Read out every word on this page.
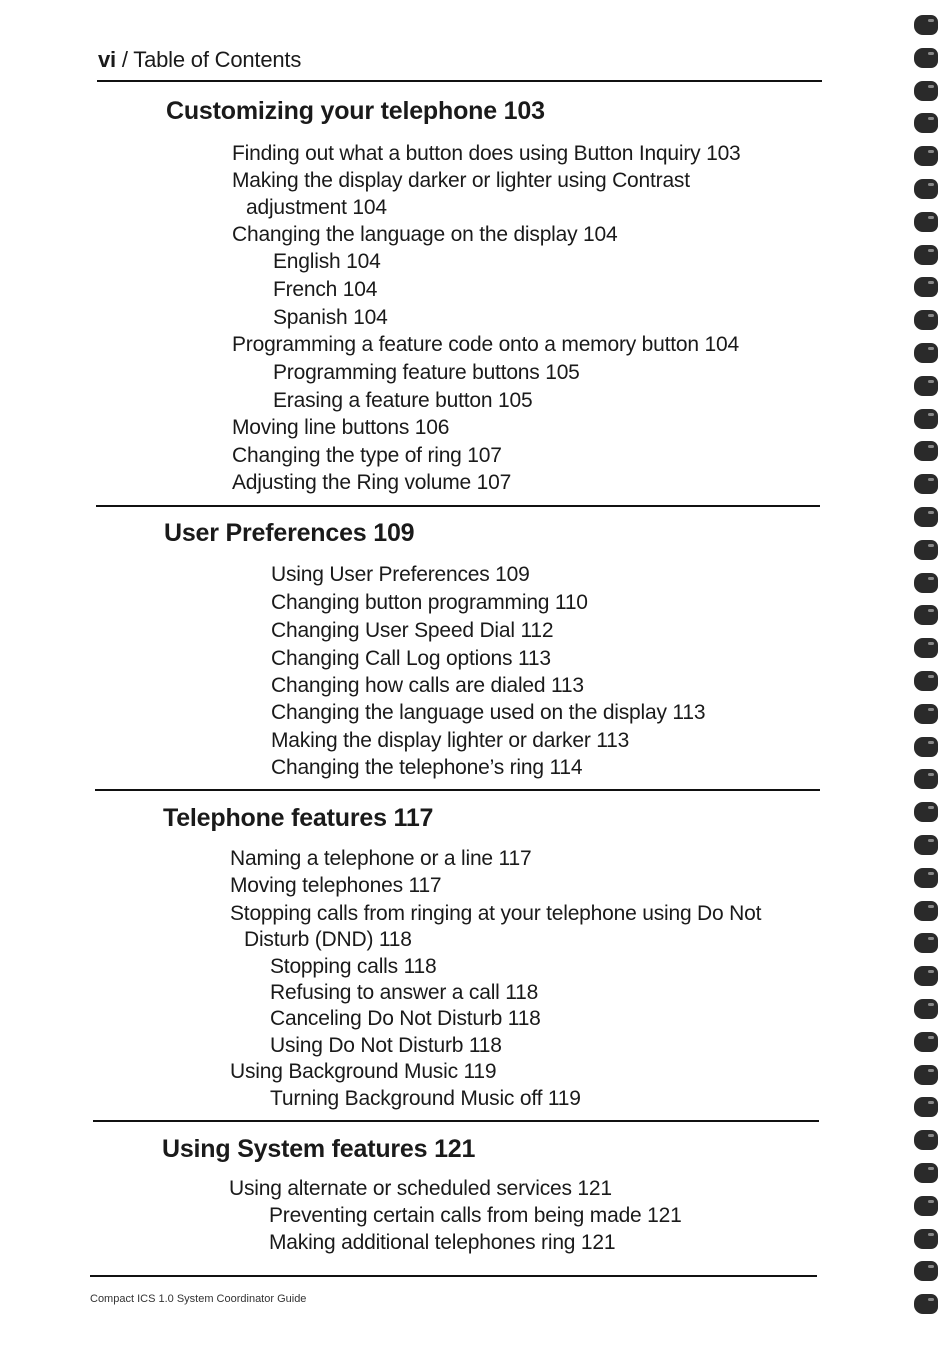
vi / Table of Contents
Customizing your telephone 103
Finding out what a button does using Button Inquiry 103
Making the display darker or lighter using Contrast
adjustment 104
Changing the language on the display 104
English 104
French 104
Spanish 104
Programming a feature code onto a memory button 104
Programming feature buttons 105
Erasing a feature button 105
Moving line buttons 106
Changing the type of ring 107
Adjusting the Ring volume 107
User Preferences 109
Using User Preferences 109
Changing button programming 110
Changing User Speed Dial 112
Changing Call Log options 113
Changing how calls are dialed 113
Changing the language used on the display 113
Making the display lighter or darker 113
Changing the telephone’s ring 114
Telephone features 117
Naming a telephone or a line 117
Moving telephones 117
Stopping calls from ringing at your telephone using Do Not
Disturb (DND) 118
Stopping calls 118
Refusing to answer a call 118
Canceling Do Not Disturb 118
Using Do Not Disturb 118
Using Background Music 119
Turning Background Music off 119
Using System features 121
Using alternate or scheduled services 121
Preventing certain calls from being made 121
Making additional telephones ring 121
Compact ICS 1.0 System Coordinator Guide
